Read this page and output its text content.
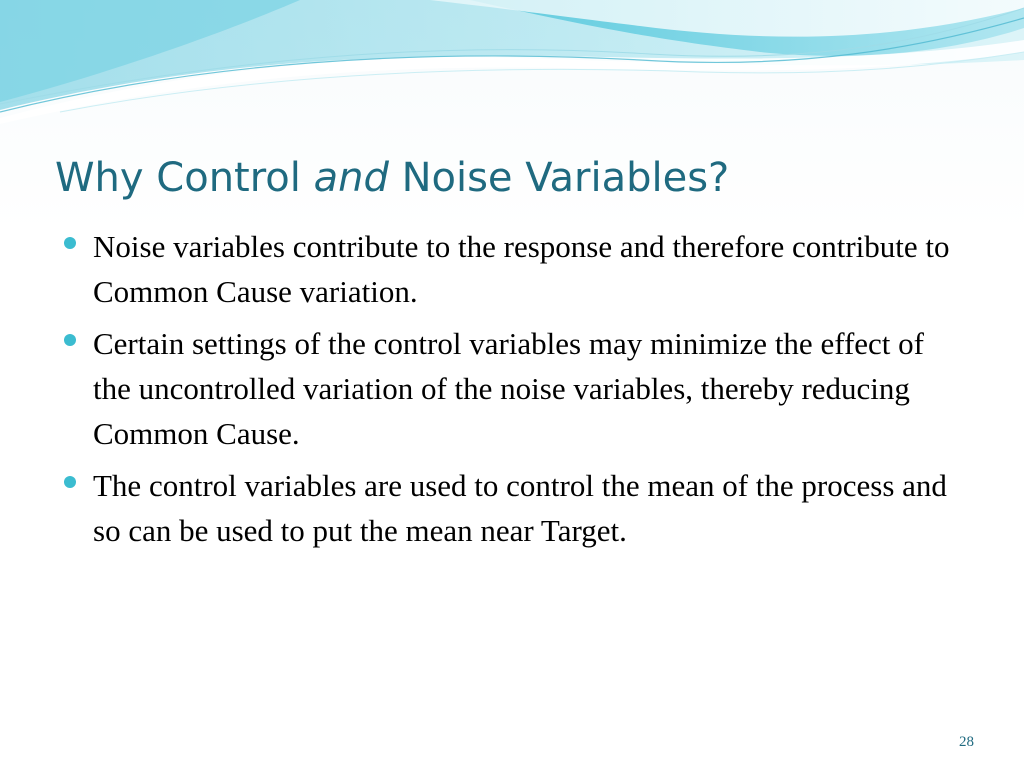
Why Control and Noise Variables?
Noise variables contribute to the response and therefore contribute to Common Cause variation.
Certain settings of the control variables may minimize the effect of the uncontrolled variation of the noise variables, thereby reducing Common Cause.
The control variables are used to control the mean of the process and so can be used to put the mean near Target.
28
